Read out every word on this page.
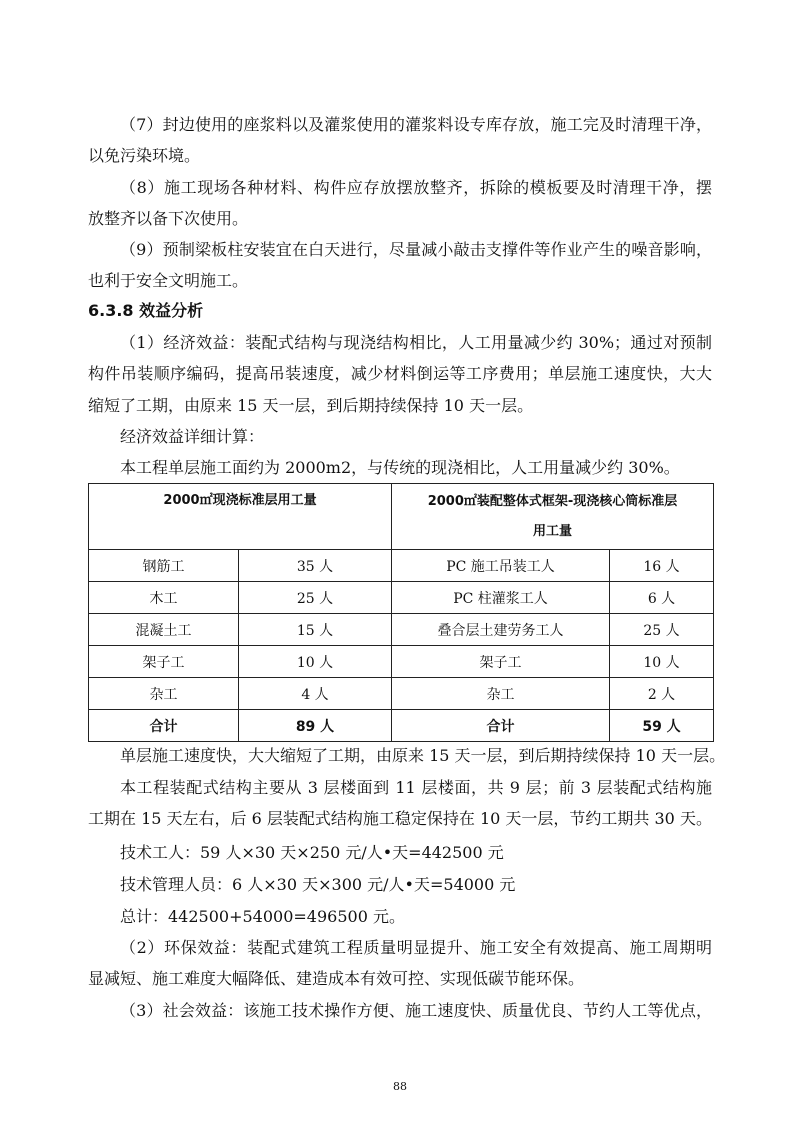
（7）封边使用的座浆料以及灌浆使用的灌浆料设专库存放，施工完及时清理干净，
以免污染环境。
（8）施工现场各种材料、构件应存放摆放整齐，拆除的模板要及时清理干净，摆
放整齐以备下次使用。
（9）预制梁板柱安装宜在白天进行，尽量减小敲击支撑件等作业产生的噪音影响，
也利于安全文明施工。
6.3.8 效益分析
（1）经济效益：装配式结构与现浇结构相比，人工用量减少约 30%；通过对预制
构件吊装顺序编码，提高吊装速度，减少材料倒运等工序费用；单层施工速度快，大大
缩短了工期，由原来 15 天一层，到后期持续保持 10 天一层。
经济效益详细计算：
本工程单层施工面约为 2000m2，与传统的现浇相比，人工用量减少约 30%。
2000㎡现浇标准层用工量		2000㎡装配整体式框架-现浇核心筒标准层
用工量	

钢筋工	35 人	PC 施工吊装工人	16 人
木工	25 人	PC 柱灌浆工人	6 人
混凝土工	15 人	叠合层土建劳务工人	25 人
架子工	10 人	架子工	10 人
杂工	4 人	杂工	2 人
合计	89 人	合计	59 人
单层施工速度快，大大缩短了工期，由原来 15 天一层，到后期持续保持 10 天一层。
本工程装配式结构主要从 3 层楼面到 11 层楼面，共 9 层；前 3 层装配式结构施
工期在 15 天左右，后 6 层装配式结构施工稳定保持在 10 天一层，节约工期共 30 天。
技术工人：59 人×30 天×250 元/人•天=442500 元
技术管理人员：6 人×30 天×300 元/人•天=54000 元
总计：442500+54000=496500 元。
（2）环保效益：装配式建筑工程质量明显提升、施工安全有效提高、施工周期明
显减短、施工难度大幅降低、建造成本有效可控、实现低碳节能环保。
（3）社会效益：该施工技术操作方便、施工速度快、质量优良、节约人工等优点，
88
